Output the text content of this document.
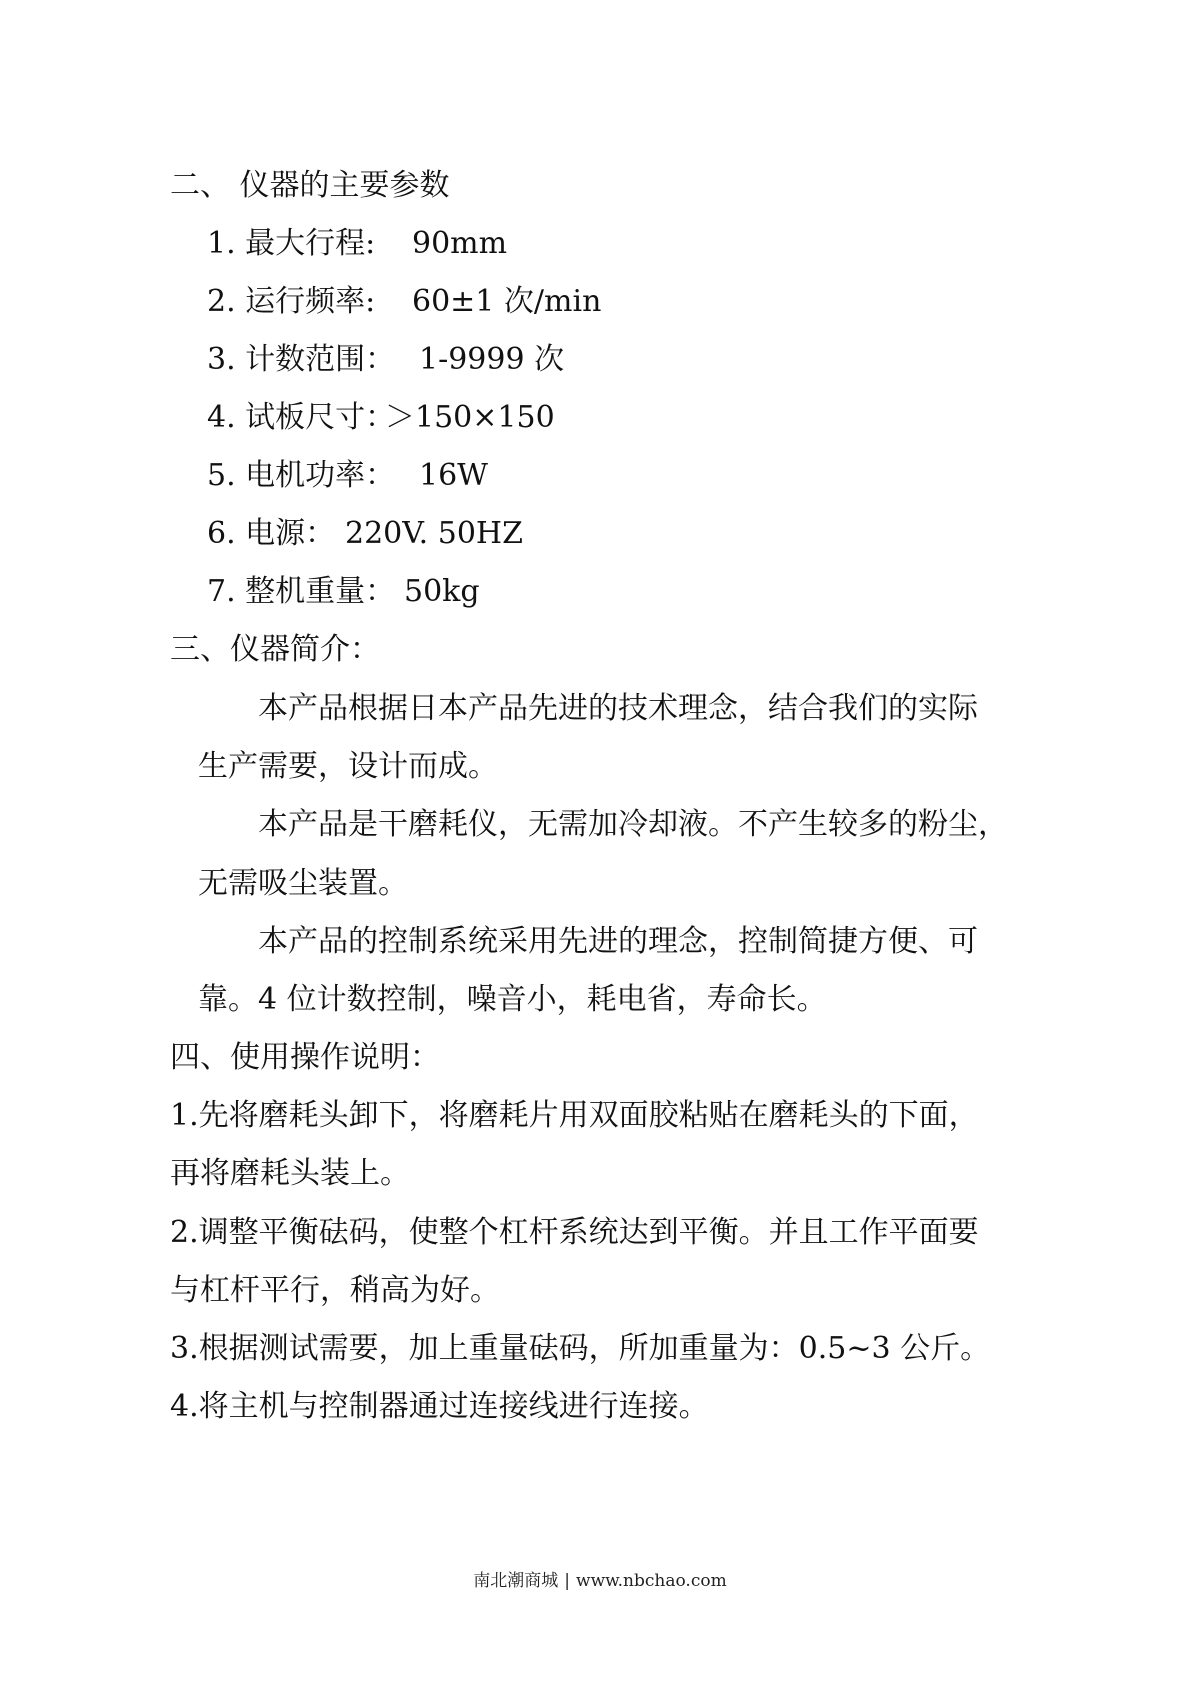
二、 仪器的主要参数
1. 最大行程: 90mm
2. 运行频率: 60±1 次/min
3. 计数范围： 1-9999 次
4. 试板尺寸：
＞150×150
5. 电机功率： 16W
6. 电源： 220V. 50HZ
7. 整机重量： 50kg
三、仪器简介：
本产品根据日本产品先进的技术理念，结合我们的实际
生产需要，设计而成。
本产品是干磨耗仪，无需加冷却液。不产生较多的粉尘，
无需吸尘装置。
本产品的控制系统采用先进的理念，控制简捷方便、可
靠。4 位计数控制，噪音小，耗电省，寿命长。
四、使用操作说明：
1.先将磨耗头卸下，将磨耗片用双面胶粘贴在磨耗头的下面，
再将磨耗头装上。
2.调整平衡砝码，使整个杠杆系统达到平衡。并且工作平面要
与杠杆平行，稍高为好。
3.根据测试需要，加上重量砝码，所加重量为：0.5~3 公斤。
4.将主机与控制器通过连接线进行连接。
南北潮商城 | www.nbchao.com
